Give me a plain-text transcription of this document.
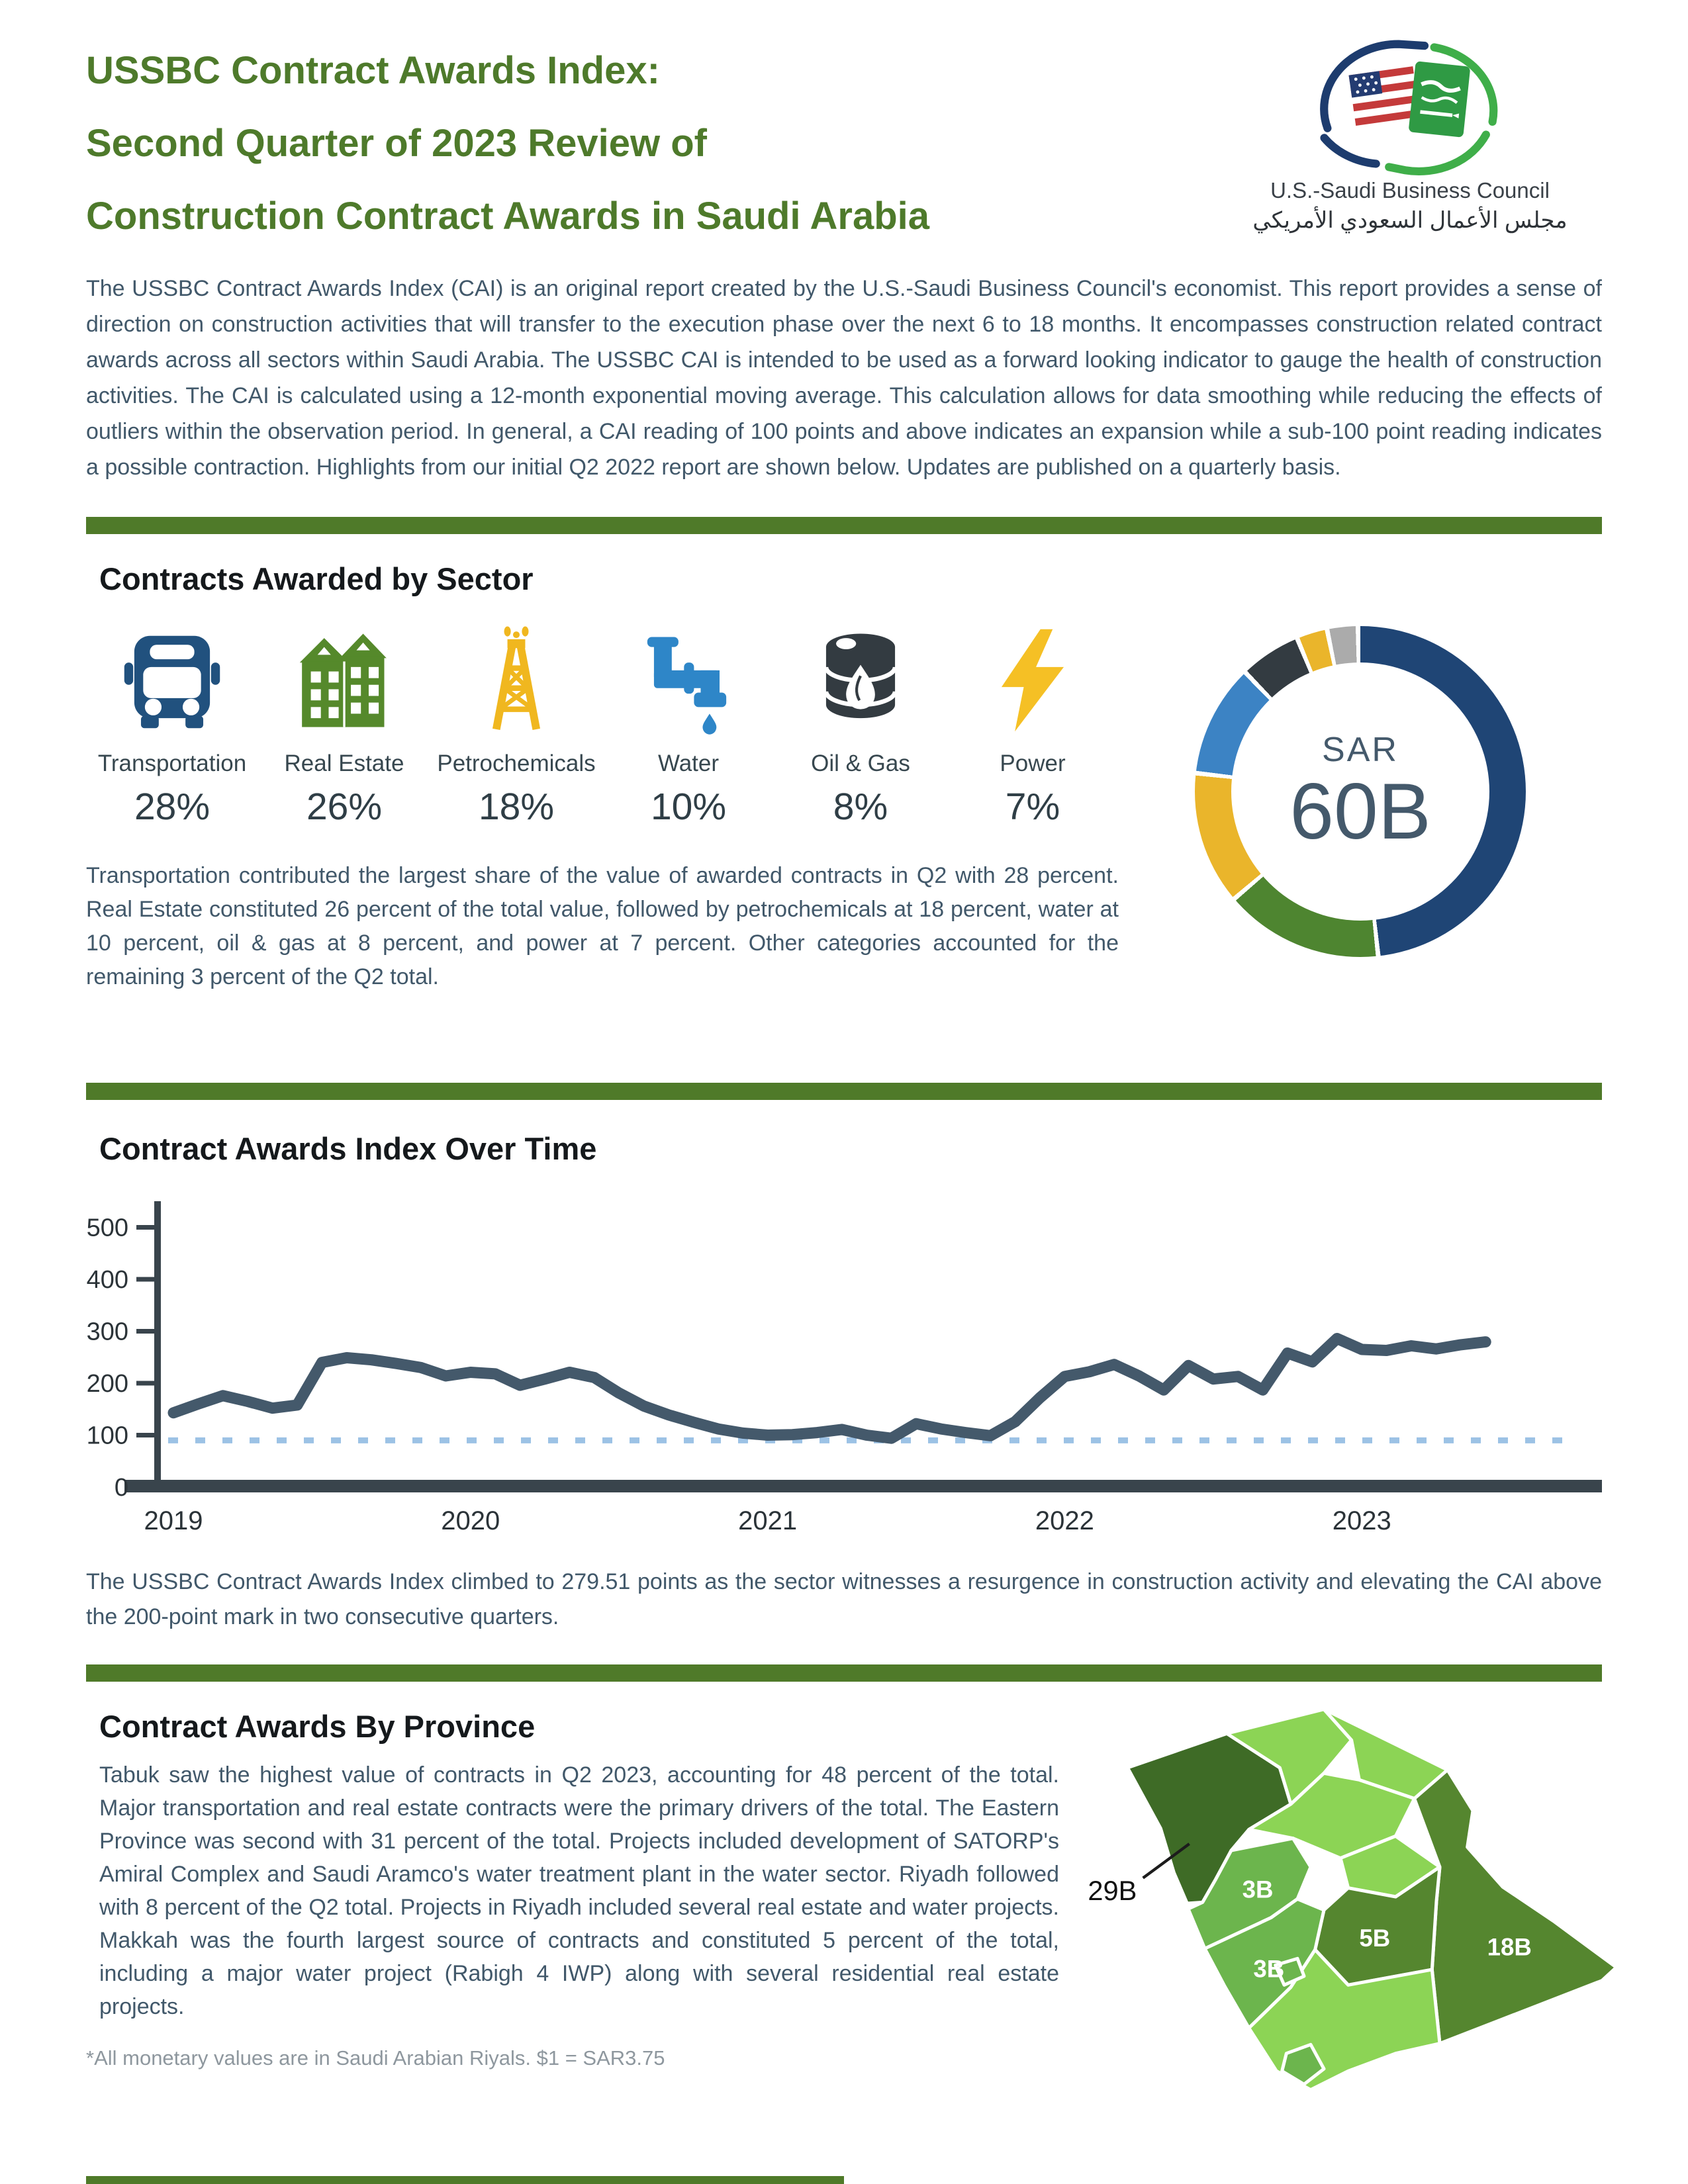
USSBC Contract Awards Index:
Second Quarter of 2023 Review of
Construction Contract Awards in Saudi Arabia
U.S.-Saudi Business Council
مجلس الأعمال السعودي الأمريكي

The USSBC Contract Awards Index (CAI) is an original report created by the U.S.-Saudi Business Council's economist. This report provides a sense of direction on construction activities that will transfer to the execution phase over the next 6 to 18 months. It encompasses construction related contract awards across all sectors within Saudi Arabia. The USSBC CAI is intended to be used as a forward looking indicator to gauge the health of construction activities. The CAI is calculated using a 12-month exponential moving average. This calculation allows for data smoothing while reducing the effects of outliers within the observation period. In general, a CAI reading of 100 points and above indicates an expansion while a sub-100 point reading indicates a possible contraction. Highlights from our initial Q2 2022 report are shown below. Updates are published on a quarterly basis.

Contracts Awarded by Sector
Transportation
28%
Real Estate
26%
Petrochemicals
18%
Water
10%
Oil & Gas
8%
Power
7%

Transportation contributed the largest share of the value of awarded contracts in Q2 with 28 percent. Real Estate constituted 26 percent of the total value, followed by petrochemicals at 18 percent, water at 10 percent, oil & gas at 8 percent, and power at 7 percent. Other categories accounted for the remaining 3 percent of the Q2 total.

SAR
60B
Contract Awards Index Over Time
0
100
200
300
400
500
2019	2020	2021	2022	2023

The USSBC Contract Awards Index climbed to 279.51 points as the sector witnesses a resurgence in construction activity and elevating the CAI above the 200-point mark in two consecutive quarters.

Contract Awards By Province

Tabuk saw the highest value of contracts in Q2 2023, accounting for 48 percent of the total. Major transportation and real estate contracts were the primary drivers of the total. The Eastern Province was second with 31 percent of the total. Projects included development of SATORP's Amiral Complex and Saudi Aramco's water treatment plant in the water sector. Riyadh followed with 8 percent of the Q2 total. Projects in Riyadh included several real estate and water projects. Makkah was the fourth largest source of contracts and constituted 5 percent of the total, including a major water project (Rabigh 4 IWP) along with several residential real estate projects.

*All monetary values are in Saudi Arabian Riyals. $1 = SAR3.75

29B	3B
3B
5B	18B
